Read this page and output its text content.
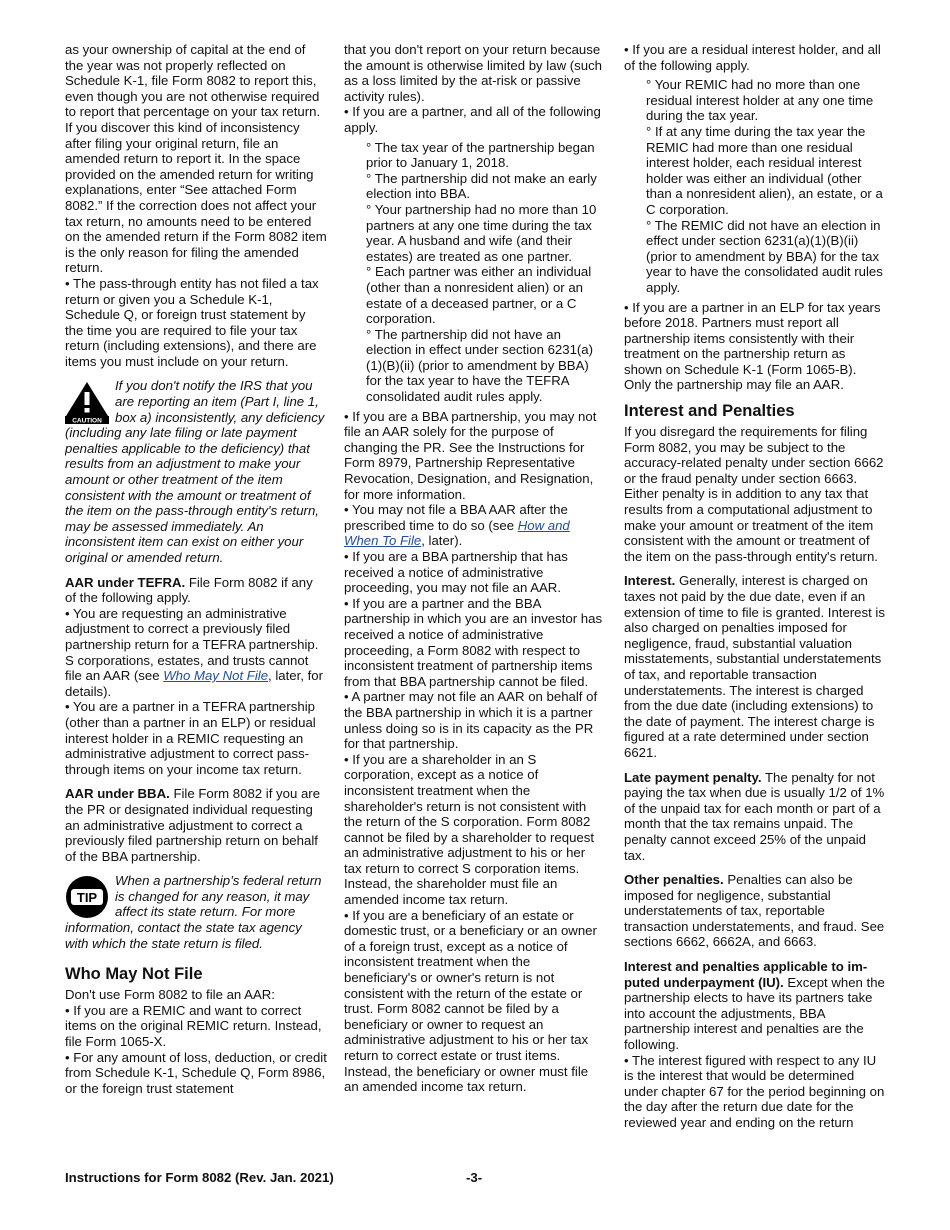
as your ownership of capital at the end of the year was not properly reflected on Schedule K-1, file Form 8082 to report this, even though you are not otherwise required to report that percentage on your tax return. If you discover this kind of inconsistency after filing your original return, file an amended return to report it. In the space provided on the amended return for writing explanations, enter “See attached Form 8082.” If the correction does not affect your tax return, no amounts need to be entered on the amended return if the Form 8082 item is the only reason for filing the amended return.

• The pass-through entity has not filed a tax return or given you a Schedule K-1, Schedule Q, or foreign trust statement by the time you are required to file your tax return (including extensions), and there are items you must include on your return.

CAUTION

If you don't notify the IRS that you are reporting an item (Part I, line 1, box a) inconsistently, any deficiency (including any late filing or late payment penalties applicable to the deficiency) that results from an adjustment to make your amount or other treatment of the item consistent with the amount or treatment of the item on the pass-through entity's return, may be assessed immediately. An inconsistent item can exist on either your original or amended return.

AAR under TEFRA. File Form 8082 if any of the following apply.

• You are requesting an administrative adjustment to correct a previously filed partnership return for a TEFRA partnership. S corporations, estates, and trusts cannot file an AAR (see Who May Not File, later, for details).

• You are a partner in a TEFRA partnership (other than a partner in an ELP) or residual interest holder in a REMIC requesting an administrative adjustment to correct pass-through items on your income tax return.

AAR under BBA. File Form 8082 if you are the PR or designated individual requesting an administrative adjustment to correct a previously filed partnership return on behalf of the BBA partnership.

TIP

When a partnership’s federal return is changed for any reason, it may affect its state return. For more information, contact the state tax agency with which the state return is filed.

Who May Not File

Don't use Form 8082 to file an AAR:

• If you are a REMIC and want to correct items on the original REMIC return. Instead, file Form 1065-X.

• For any amount of loss, deduction, or credit from Schedule K-1, Schedule Q, Form 8986, or the foreign trust statement

that you don't report on your return because the amount is otherwise limited by law (such as a loss limited by the at-risk or passive activity rules).

• If you are a partner, and all of the following apply.

° The tax year of the partnership began prior to January 1, 2018.

° The partnership did not make an early election into BBA.

° Your partnership had no more than 10 partners at any one time during the tax year. A husband and wife (and their estates) are treated as one partner.

° Each partner was either an individual (other than a nonresident alien) or an estate of a deceased partner, or a C corporation.

° The partnership did not have an election in effect under section 6231(a)(1)(B)(ii) (prior to amendment by BBA) for the tax year to have the TEFRA consolidated audit rules apply.

• If you are a BBA partnership, you may not file an AAR solely for the purpose of changing the PR. See the Instructions for Form 8979, Partnership Representative Revocation, Designation, and Resignation, for more information.

• You may not file a BBA AAR after the prescribed time to do so (see How and When To File, later).

• If you are a BBA partnership that has received a notice of administrative proceeding, you may not file an AAR.

• If you are a partner and the BBA partnership in which you are an investor has received a notice of administrative proceeding, a Form 8082 with respect to inconsistent treatment of partnership items from that BBA partnership cannot be filed.

• A partner may not file an AAR on behalf of the BBA partnership in which it is a partner unless doing so is in its capacity as the PR for that partnership.

• If you are a shareholder in an S corporation, except as a notice of inconsistent treatment when the shareholder's return is not consistent with the return of the S corporation. Form 8082 cannot be filed by a shareholder to request an administrative adjustment to his or her tax return to correct S corporation items. Instead, the shareholder must file an amended income tax return.

• If you are a beneficiary of an estate or domestic trust, or a beneficiary or an owner of a foreign trust, except as a notice of inconsistent treatment when the beneficiary's or owner's return is not consistent with the return of the estate or trust. Form 8082 cannot be filed by a beneficiary or owner to request an administrative adjustment to his or her tax return to correct estate or trust items. Instead, the beneficiary or owner must file an amended income tax return.

• If you are a residual interest holder, and all of the following apply.

° Your REMIC had no more than one residual interest holder at any one time during the tax year.

° If at any time during the tax year the REMIC had more than one residual interest holder, each residual interest holder was either an individual (other than a nonresident alien), an estate, or a C corporation.

° The REMIC did not have an election in effect under section 6231(a)(1)(B)(ii) (prior to amendment by BBA) for the tax year to have the consolidated audit rules apply.

• If you are a partner in an ELP for tax years before 2018. Partners must report all partnership items consistently with their treatment on the partnership return as shown on Schedule K-1 (Form 1065-B). Only the partnership may file an AAR.

Interest and Penalties

If you disregard the requirements for filing Form 8082, you may be subject to the accuracy-related penalty under section 6662 or the fraud penalty under section 6663. Either penalty is in addition to any tax that results from a computational adjustment to make your amount or treatment of the item consistent with the amount or treatment of the item on the pass-through entity's return.

Interest. Generally, interest is charged on taxes not paid by the due date, even if an extension of time to file is granted. Interest is also charged on penalties imposed for negligence, fraud, substantial valuation misstatements, substantial understatements of tax, and reportable transaction understatements. The interest is charged from the due date (including extensions) to the date of payment. The interest charge is figured at a rate determined under section 6621.

Late payment penalty. The penalty for not paying the tax when due is usually 1/2 of 1% of the unpaid tax for each month or part of a month that the tax remains unpaid. The penalty cannot exceed 25% of the unpaid tax.

Other penalties. Penalties can also be imposed for negligence, substantial understatements of tax, reportable transaction understatements, and fraud. See sections 6662, 6662A, and 6663.

Interest and penalties applicable to im-puted underpayment (IU). Except when the partnership elects to have its partners take into account the adjustments, BBA partnership interest and penalties are the following.

• The interest figured with respect to any IU is the interest that would be determined under chapter 67 for the period beginning on the day after the return due date for the reviewed year and ending on the return

Instructions for Form 8082 (Rev. Jan. 2021)	-3-
